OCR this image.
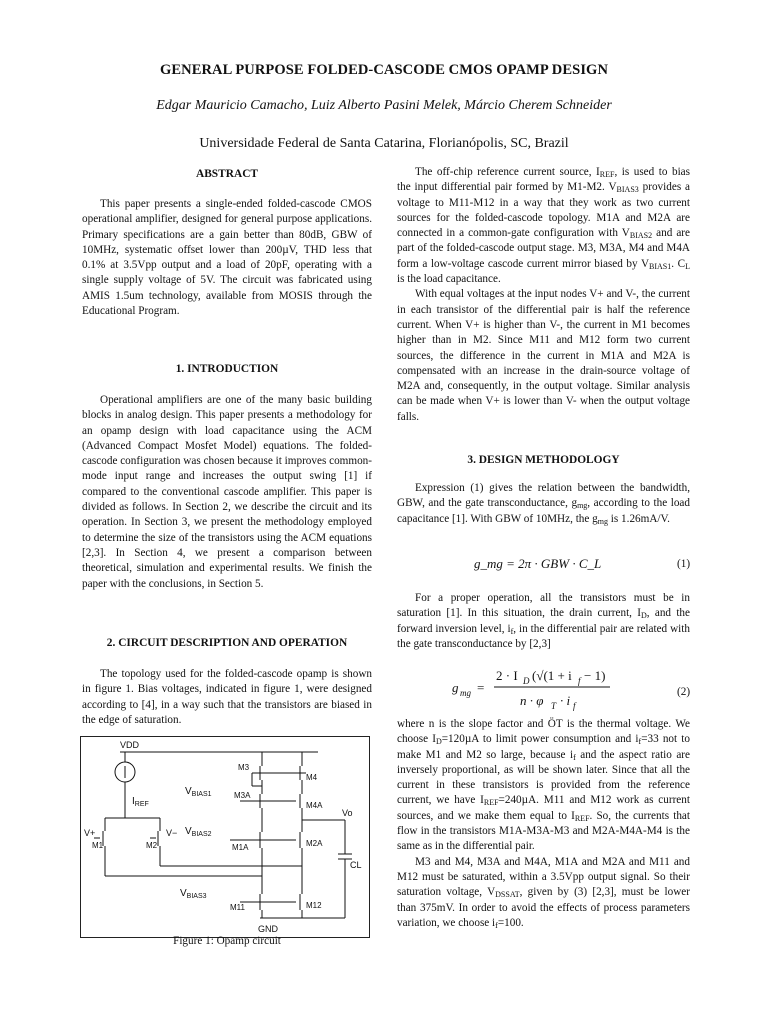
GENERAL PURPOSE FOLDED-CASCODE CMOS OPAMP DESIGN
Edgar Mauricio Camacho, Luiz Alberto Pasini Melek, Márcio Cherem Schneider
Universidade Federal de Santa Catarina, Florianópolis, SC, Brazil
ABSTRACT

This paper presents a single-ended folded-cascode CMOS operational amplifier, designed for general purpose applications. Primary specifications are a gain better than 80dB, GBW of 10MHz, systematic offset lower than 200µV, THD less that 0.1% at 3.5Vpp output and a load of 20pF, operating with a single supply voltage of 5V. The circuit was fabricated using AMIS 1.5um technology, available from MOSIS through the Educational Program.

1. INTRODUCTION

Operational amplifiers are one of the many basic building blocks in analog design. This paper presents a methodology for an opamp design with load capacitance using the ACM (Advanced Compact Mosfet Model) equations. The folded-cascode configuration was chosen because it improves common-mode input range and increases the output swing [1] if compared to the conventional cascode amplifier. This paper is divided as follows. In Section 2, we describe the circuit and its operation. In Section 3, we present the methodology employed to determine the size of the transistors using the ACM equations [2,3]. In Section 4, we present a comparison between theoretical, simulation and experimental results. We finish the paper with the conclusions, in Section 5.

2. CIRCUIT DESCRIPTION AND OPERATION

The topology used for the folded-cascode opamp is shown in figure 1. Bias voltages, indicated in figure 1, were designed according to [4], in a way such that the transistors are biased in the edge of saturation.

VDD
$I_{REF}$
$V_{BIAS1}$
$V_{BIAS2}$
$V_{BIAS3}$
V+	V−
Vo
CL
M1	M2
M3
M3A
M4
M4A
M1A	M2A
M11	M12
GND
Figure 1: Opamp circuit

The off-chip reference current source, $I_{REF}$, is used to bias the input differential pair formed by M1-M2. $V_{BIAS3}$ provides a voltage to M11-M12 in a way that they work as two current sources for the folded-cascode topology. M1A and M2A are connected in a common-gate configuration with $V_{BIAS2}$ and are part of the folded-cascode output stage. M3, M3A, M4 and M4A form a low-voltage cascode current mirror biased by $V_{BIAS1}$. $C_L$ is the load capacitance.

With equal voltages at the input nodes V+ and V-, the current in each transistor of the differential pair is half the reference current. When V+ is higher than V-, the current in M1 becomes higher than in M2. Since M11 and M12 form two current sources, the difference in the current in M1A and M2A is compensated with an increase in the drain-source voltage of M2A and, consequently, in the output voltage. Similar analysis can be made when V+ is lower than V- when the output voltage falls.

3. DESIGN METHODOLOGY

Expression (1) gives the relation between the bandwidth, GBW, and the gate transconductance, $g_{mg}$, according to the load capacitance [1]. With GBW of 10MHz, the $g_{mg}$ is 1.26mA/V.

g_mg = 2π · GBW · C_L	(1)

For a proper operation, all the transistors must be in saturation [1]. In this situation, the drain current, $I_D$, and the forward inversion level, $i_f$, in the differential pair are related with the gate transconductance by [2,3]

g mg =
2 · I D (√(1 + i f − 1)
n · φ T · i f
(2)

where n is the slope factor and ÖT is the thermal voltage. We choose $I_D=120\mu A$ to limit power consumption and $i_f=33$ not to make M1 and M2 so large, because $i_f$ and the aspect ratio are inversely proportional, as will be shown later. Since that all the current in these transistors is provided from the reference current, we have $I_{REF}=240\mu A$. M11 and M12 work as current sources, and we make them equal to $I_{REF}$. So, the currents that flow in the transistors M1A-M3A-M3 and M2A-M4A-M4 is the same as in the differential pair.

M3 and M4, M3A and M4A, M1A and M2A and M11 and M12 must be saturated, within a 3.5Vpp output signal. So their saturation voltage, $V_{DSSAT}$, given by (3) [2,3], must be lower than 375mV. In order to avoid the effects of process parameters variation, we choose $i_f=100$.
